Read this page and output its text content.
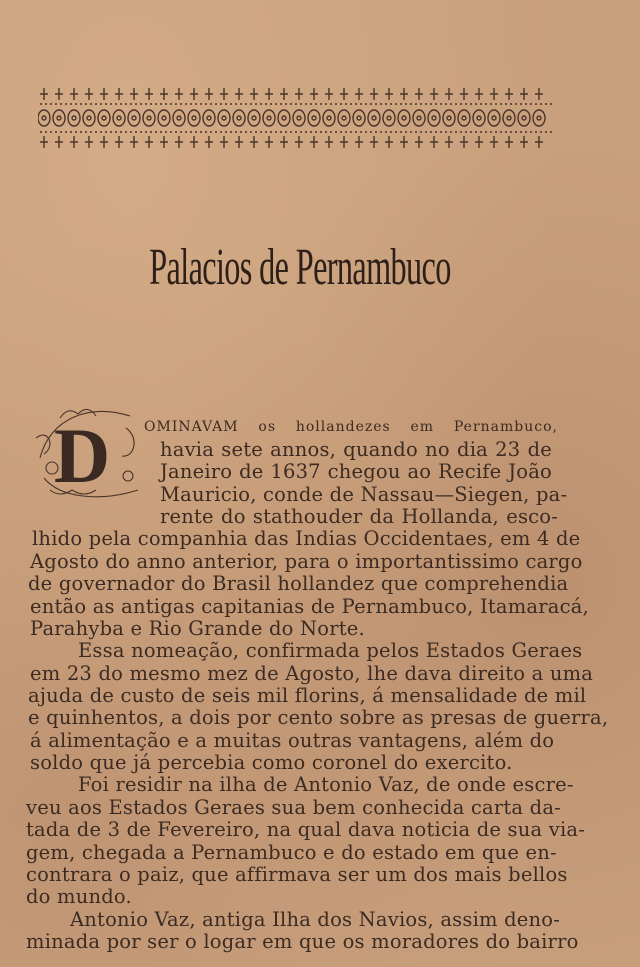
Palacios de Pernambuco
D OMINAVAM os hollandezes em Pernambuco,
havia sete annos, quando no dia 23 de
Janeiro de 1637 chegou ao Recife João
Mauricio, conde de Nassau—Siegen, pa-
rente do stathouder da Hollanda, esco-
lhido pela companhia das Indias Occidentaes, em 4 de
Agosto do anno anterior, para o importantissimo cargo
de governador do Brasil hollandez que comprehendia
então as antigas capitanias de Pernambuco, Itamaracá,
Parahyba e Rio Grande do Norte.
Essa nomeação, confirmada pelos Estados Geraes
em 23 do mesmo mez de Agosto, lhe dava direito a uma
ajuda de custo de seis mil florins, á mensalidade de mil
e quinhentos, a dois por cento sobre as presas de guerra,
á alimentação e a muitas outras vantagens, além do
soldo que já percebia como coronel do exercito.
Foi residir na ilha de Antonio Vaz, de onde escre-
veu aos Estados Geraes sua bem conhecida carta da-
tada de 3 de Fevereiro, na qual dava noticia de sua via-
gem, chegada a Pernambuco e do estado em que en-
contrara o paiz, que affirmava ser um dos mais bellos
do mundo.
Antonio Vaz, antiga Ilha dos Navios, assim deno-
minada por ser o logar em que os moradores do bairro
